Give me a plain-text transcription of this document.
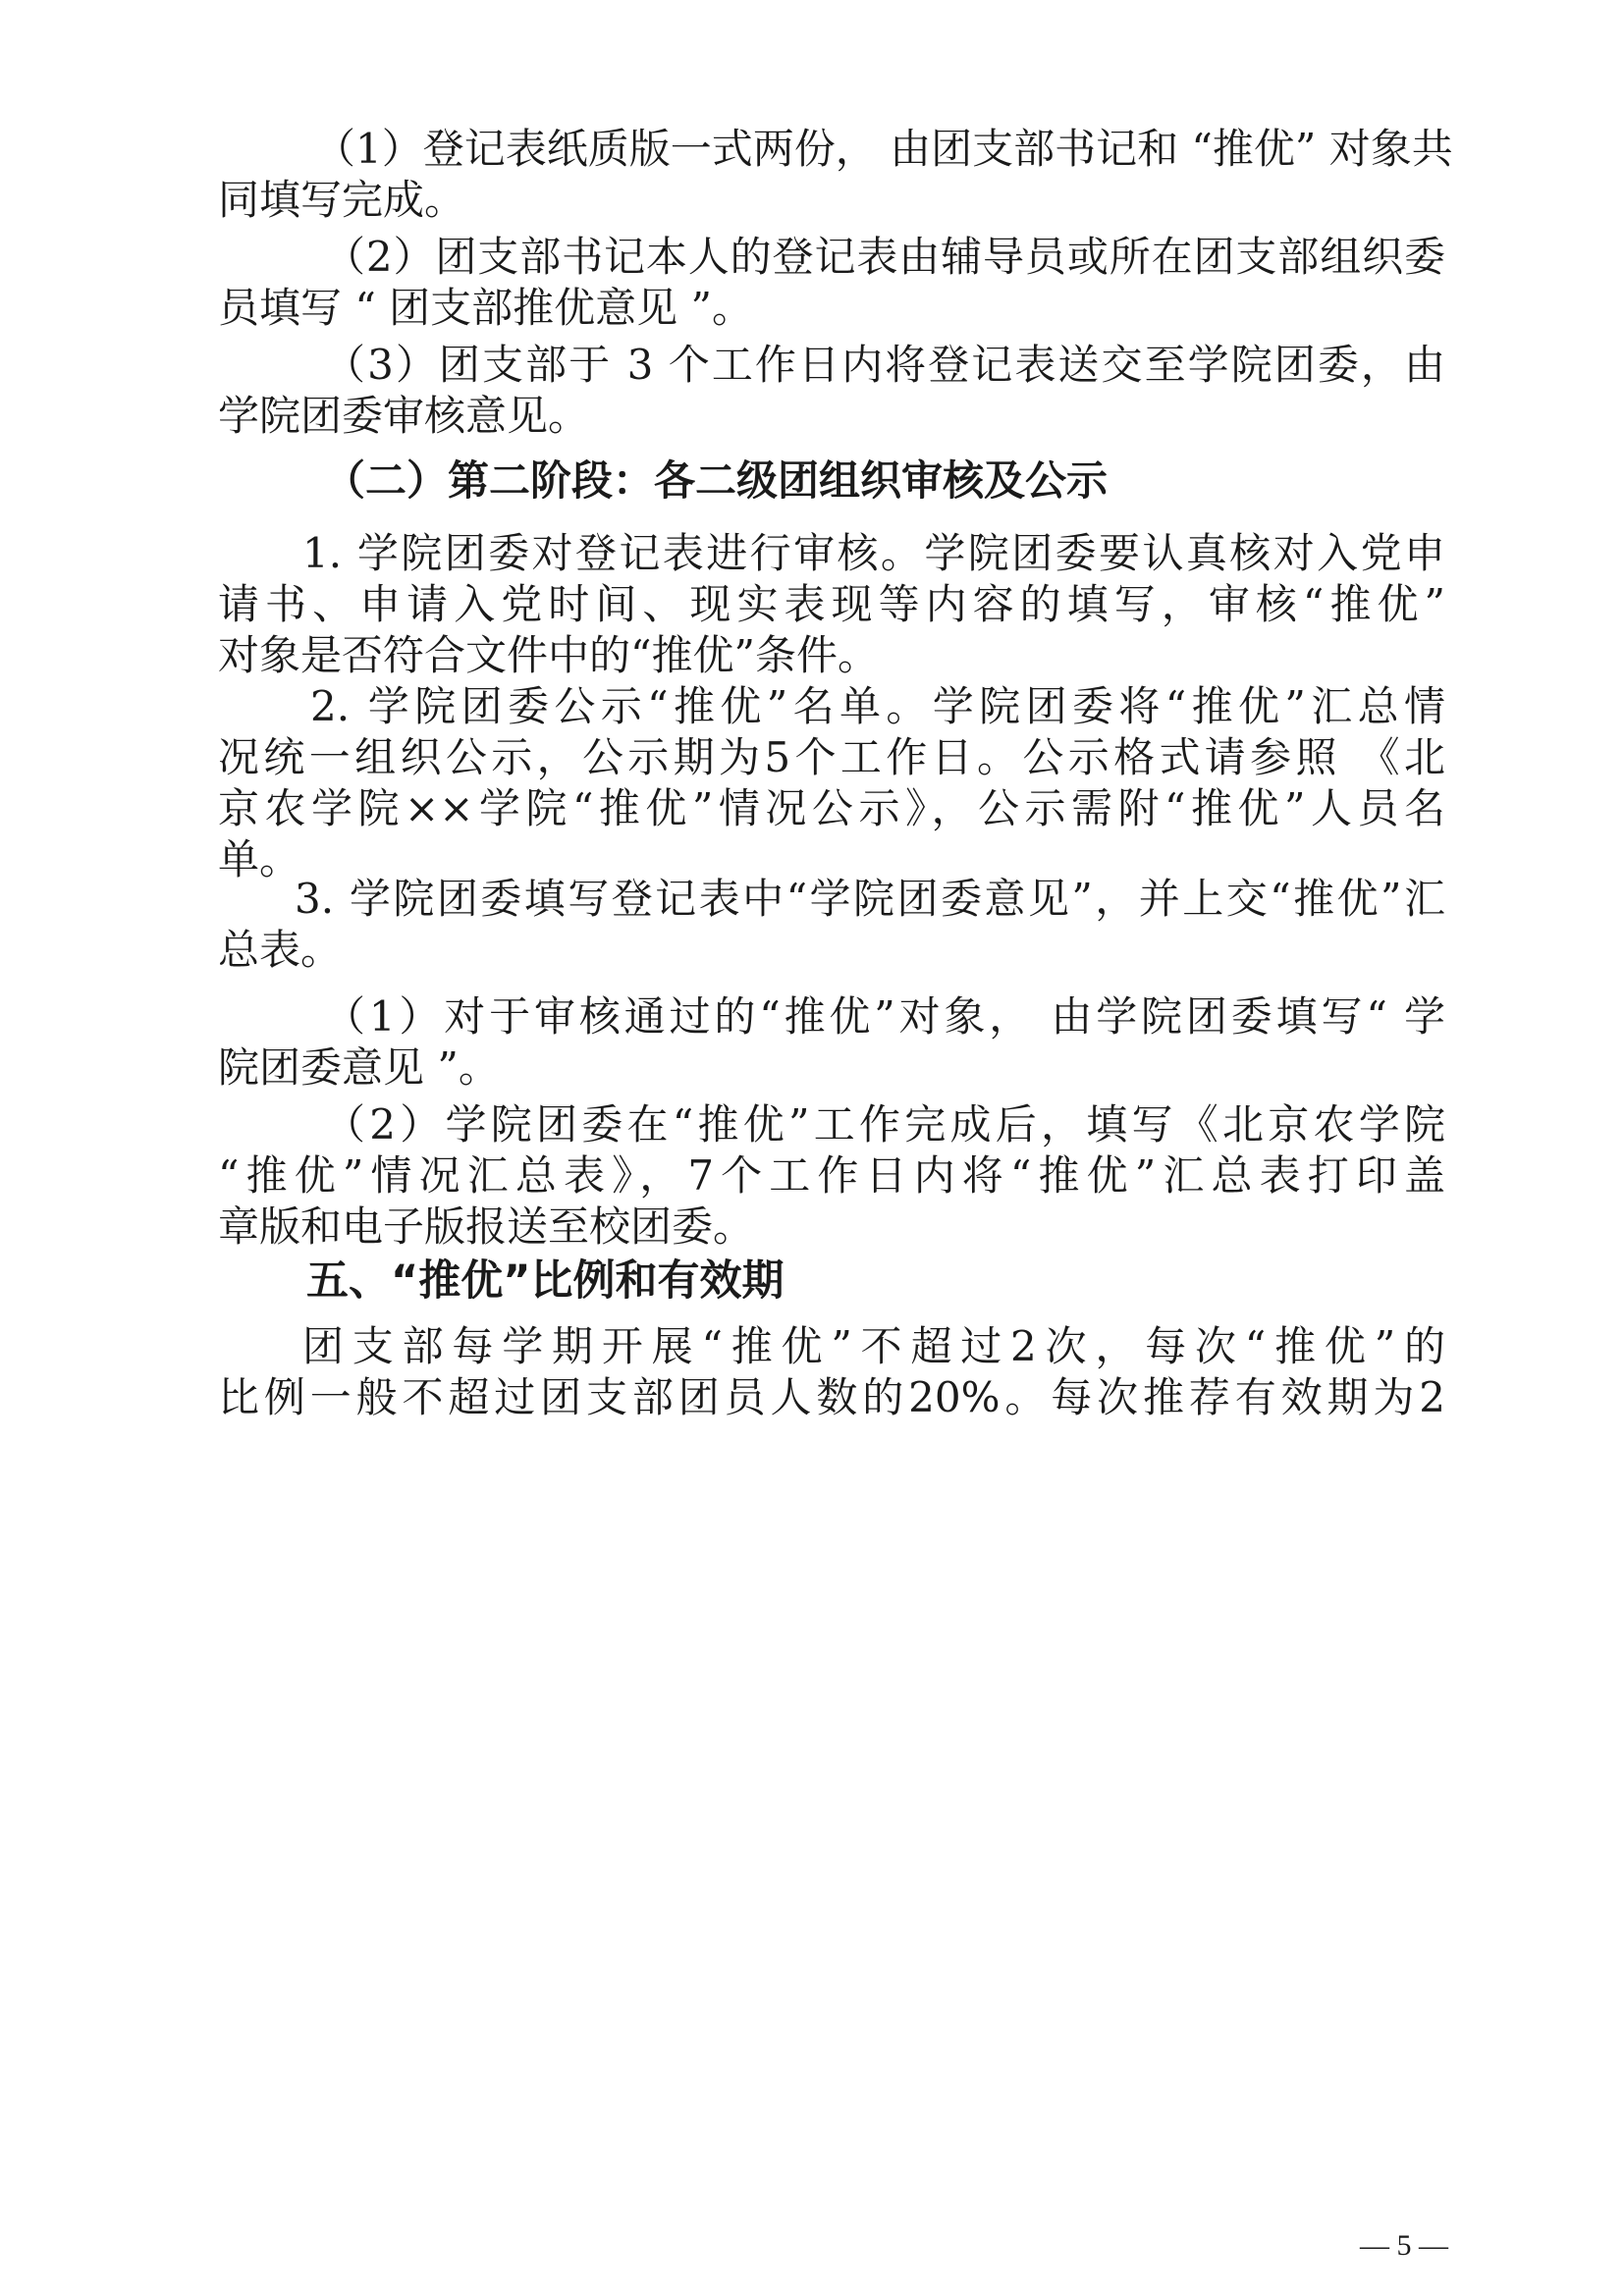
（1）登记表纸质版一式两份， 由团支部书记和 “推优” 对象共
同填写完成。
（2）团支部书记本人的登记表由辅导员或所在团支部组织委
员填写 “ 团支部推优意见 ”。
（3）团支部于 3 个工作日内将登记表送交至学院团委，由
学院团委审核意见。
（二）第二阶段：各二级团组织审核及公示
1. 学院团委对登记表进行审核。学院团委要认真核对入党申
请书、申请入党时间、现实表现等内容的填写，审核“推优”
对象是否符合文件中的“推优”条件。
2. 学院团委公示“推优”名单。学院团委将“推优”汇总情
况统一组织公示，公示期为5个工作日。公示格式请参照 《北
京农学院××学院“推优”情况公示》，公示需附“推优”人员名
单。
3. 学院团委填写登记表中“学院团委意见”，并上交“推优”汇
总表。
（1）对于审核通过的“推优”对象， 由学院团委填写“ 学
院团委意见 ”。
（2）学院团委在“推优”工作完成后，填写《北京农学院
“推优”情况汇总表》，7个工作日内将“推优”汇总表打印盖
章版和电子版报送至校团委。
五、“推优”比例和有效期
团支部每学期开展“推优”不超过2次，每次“推优”的
比例一般不超过团支部团员人数的20%。每次推荐有效期为2
— 5 —
